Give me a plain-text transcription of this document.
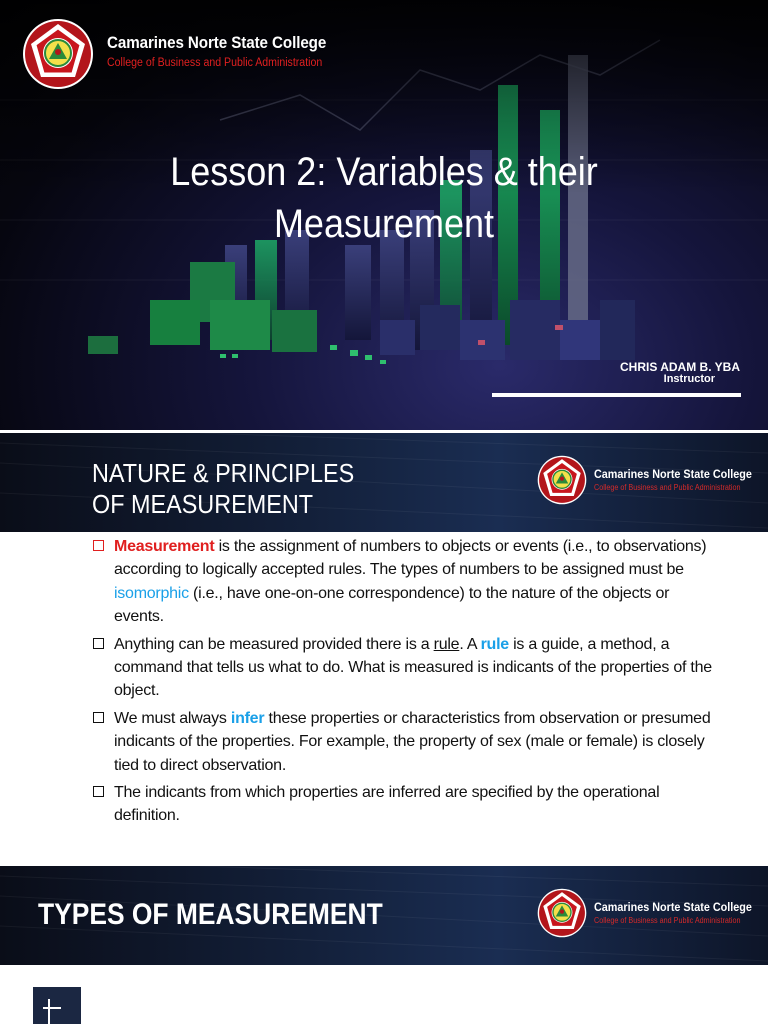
Camarines Norte State College
College of Business and Public Administration
Lesson 2: Variables & their
Measurement
CHRIS ADAM B. YBA
Instructor
NATURE & PRINCIPLES
OF MEASUREMENT
Camarines Norte State College
College of Business and Public Administration
Measurement is the assignment of numbers to objects or events (i.e., to observations) according to logically accepted rules. The types of numbers to be assigned must be isomorphic (i.e., have one-on-one correspondence) to the nature of the objects or events.
Anything can be measured provided there is a rule. A rule is a guide, a method, a command that tells us what to do. What is measured is indicants of the properties of the object.
We must always infer these properties or characteristics from observation or presumed indicants of the properties. For example, the property of sex (male or female) is closely tied to direct observation.
The indicants from which properties are inferred are specified by the operational definition.
TYPES OF MEASUREMENT	Camarines Norte State College
College of Business and Public Administration
